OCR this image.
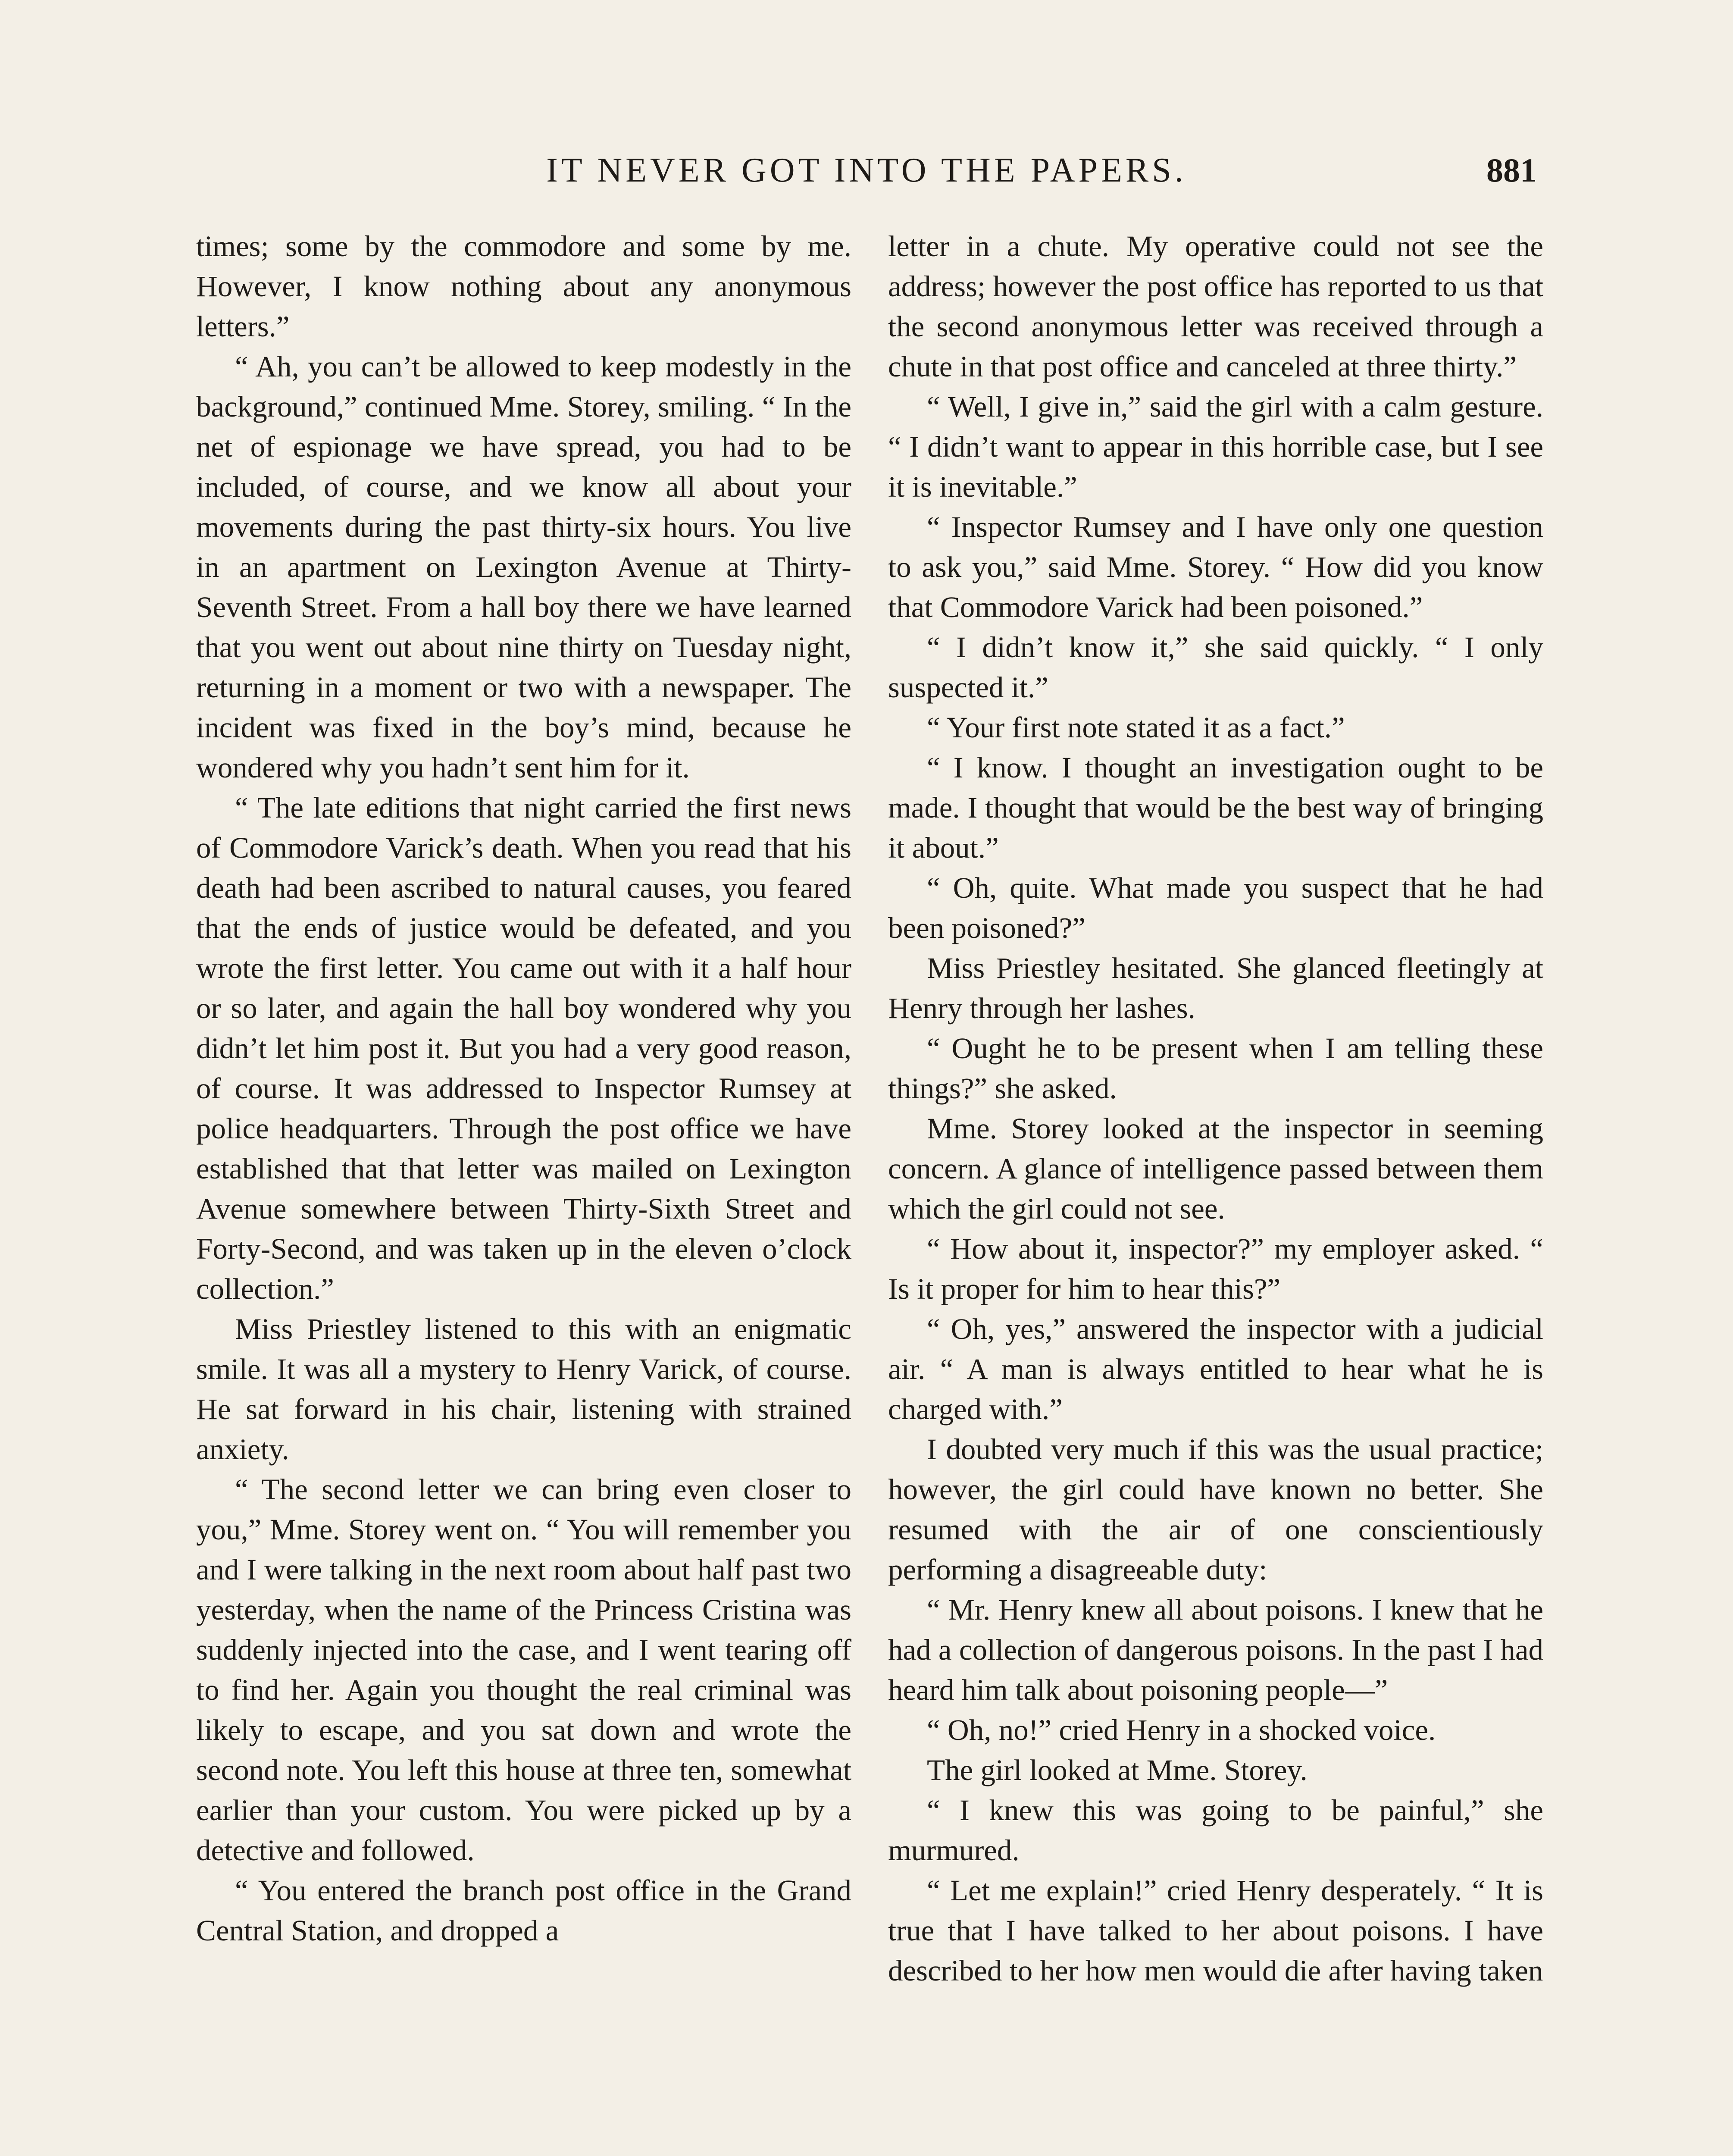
IT NEVER GOT INTO THE PAPERS.	881

times; some by the commodore and some by me. However, I know nothing about any anonymous letters.”

“ Ah, you can’t be allowed to keep modestly in the background,” continued Mme. Storey, smiling. “ In the net of espionage we have spread, you had to be included, of course, and we know all about your movements during the past thirty-six hours. You live in an apartment on Lexington Avenue at Thirty-Seventh Street. From a hall boy there we have learned that you went out about nine thirty on Tuesday night, returning in a moment or two with a newspaper. The incident was fixed in the boy’s mind, because he wondered why you hadn’t sent him for it.

“ The late editions that night carried the first news of Commodore Varick’s death. When you read that his death had been ascribed to natural causes, you feared that the ends of justice would be defeated, and you wrote the first letter. You came out with it a half hour or so later, and again the hall boy wondered why you didn’t let him post it. But you had a very good reason, of course. It was addressed to Inspector Rumsey at police headquarters. Through the post office we have established that that letter was mailed on Lexington Avenue somewhere between Thirty-Sixth Street and Forty-Second, and was taken up in the eleven o’clock collection.”

Miss Priestley listened to this with an enigmatic smile. It was all a mystery to Henry Varick, of course. He sat forward in his chair, listening with strained anxiety.

“ The second letter we can bring even closer to you,” Mme. Storey went on. “ You will remember you and I were talking in the next room about half past two yesterday, when the name of the Princess Cristina was suddenly injected into the case, and I went tearing off to find her. Again you thought the real criminal was likely to escape, and you sat down and wrote the second note. You left this house at three ten, somewhat earlier than your custom. You were picked up by a detective and followed.

“ You entered the branch post office in the Grand Central Station, and dropped a

letter in a chute. My operative could not see the address; however the post office has reported to us that the second anonymous letter was received through a chute in that post office and canceled at three thirty.”

“ Well, I give in,” said the girl with a calm gesture. “ I didn’t want to appear in this horrible case, but I see it is inevitable.”

“ Inspector Rumsey and I have only one question to ask you,” said Mme. Storey. “ How did you know that Commodore Varick had been poisoned.”

“ I didn’t know it,” she said quickly. “ I only suspected it.”

“ Your first note stated it as a fact.”

“ I know. I thought an investigation ought to be made. I thought that would be the best way of bringing it about.”

“ Oh, quite. What made you suspect that he had been poisoned?”

Miss Priestley hesitated. She glanced fleetingly at Henry through her lashes.

“ Ought he to be present when I am telling these things?” she asked.

Mme. Storey looked at the inspector in seeming concern. A glance of intelligence passed between them which the girl could not see.

“ How about it, inspector?” my employer asked. “ Is it proper for him to hear this?”

“ Oh, yes,” answered the inspector with a judicial air. “ A man is always entitled to hear what he is charged with.”

I doubted very much if this was the usual practice; however, the girl could have known no better. She resumed with the air of one conscientiously performing a disagreeable duty:

“ Mr. Henry knew all about poisons. I knew that he had a collection of dangerous poisons. In the past I had heard him talk about poisoning people—”

“ Oh, no!” cried Henry in a shocked voice.

The girl looked at Mme. Storey.

“ I knew this was going to be painful,” she murmured.

“ Let me explain!” cried Henry desperately. “ It is true that I have talked to her about poisons. I have described to her how men would die after having taken
